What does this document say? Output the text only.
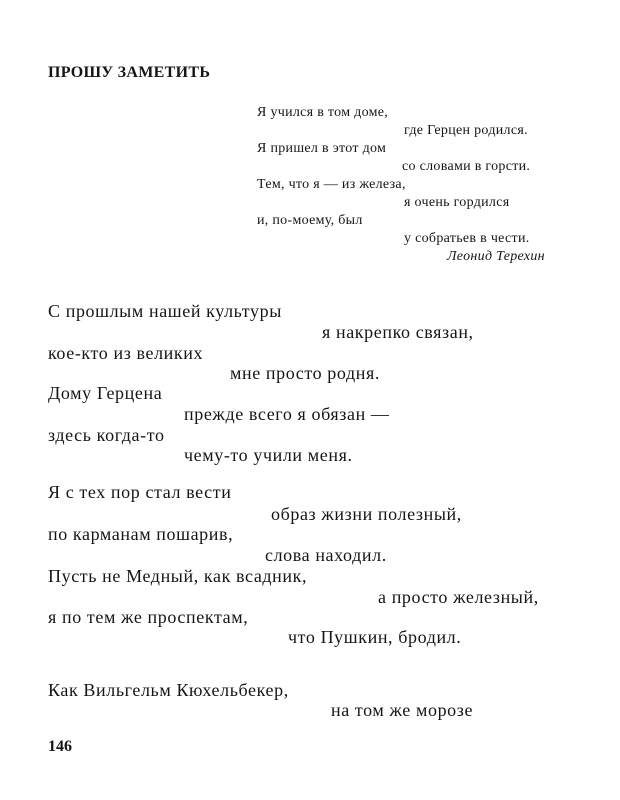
ПРОШУ ЗАМЕТИТЬ
Я учился в том доме,
где Герцен родился.
Я пришел в этот дом
со словами в горсти.
Тем, что я — из железа,
я очень гордился
и, по-моему, был
у собратьев в чести.
Леонид Терехин
С прошлым нашей культуры
я накрепко связан,
кое-кто из великих
мне просто родня.
Дому Герцена
прежде всего я обязан —
здесь когда-то
чему-то учили меня.
Я с тех пор стал вести
образ жизни полезный,
по карманам пошарив,
слова находил.
Пусть не Медный, как всадник,
а просто железный,
я по тем же проспектам,
что Пушкин, бродил.
Как Вильгельм Кюхельбекер,
на том же морозе
146
